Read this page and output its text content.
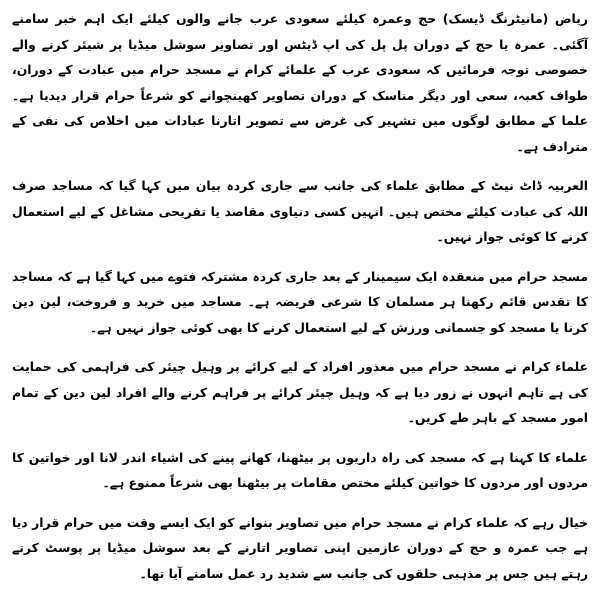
ریاض (مانیٹرنگ ڈیسک) حج وعمرہ کیلئے سعودی عرب جانے والوں کیلئے ایک اہم خبر سامنے آگئی۔ عمرہ یا حج کے دوران پل پل کی اپ ڈیٹس اور تصاویر سوشل میڈیا پر شیئر کرنے والے خصوصی توجہ فرمائیں کہ سعودی عرب کے علمائے کرام نے مسجد حرام میں عبادت کے دوران، طواف کعبہ، سعی اور دیگر مناسک کے دوران تصاویر کھینچوانے کو شرعاً حرام قرار دیدیا ہے۔ علما کے مطابق لوگوں میں تشہیر کی غرض سے تصویر اتارنا عبادات میں اخلاص کی نفی کے مترادف ہے۔

العربیہ ڈاٹ نیٹ کے مطابق علماء کی جانب سے جاری کردہ بیان میں کہا گیا کہ مساجد صرف اللہ کی عبادت کیلئے مختص ہیں۔ انہیں کسی دنیاوی مقاصد یا تفریحی مشاغل کے لیے استعمال کرنے کا کوئی جواز نہیں۔

مسجد حرام میں منعقدہ ایک سیمینار کے بعد جاری کردہ مشترکہ فتوے میں کہا گیا ہے کہ مساجد کا تقدس قائم رکھنا ہر مسلمان کا شرعی فریضہ ہے۔ مساجد میں خرید و فروخت، لین دین کرنا یا مسجد کو جسمانی ورزش کے لیے استعمال کرنے کا بھی کوئی جواز نہیں ہے۔

علماء کرام نے مسجد حرام میں معذور افراد کے لیے کرائے پر وہیل چیئر کی فراہمی کی حمایت کی ہے تاہم انہوں نے زور دیا ہے کہ وہیل چیئر کرائے پر فراہم کرنے والے افراد لین دین کے تمام امور مسجد کے باہر طے کریں۔

علماء کا کہنا ہے کہ مسجد کی راہ داریوں پر بیٹھنا، کھانے پینے کی اشیاء اندر لانا اور خواتین کا مردوں اور مردوں کا خواتین کیلئے مختص مقامات پر بیٹھنا بھی شرعاً ممنوع ہے۔

خیال رہے کہ علماء کرام نے مسجد حرام میں تصاویر بنوانے کو ایک ایسے وقت میں حرام قرار دیا ہے جب عمرہ و حج کے دوران عازمین اپنی تصاویر اتارنے کے بعد سوشل میڈیا پر پوسٹ کرتے رہتے ہیں جس پر مذہبی حلقوں کی جانب سے شدید رد عمل سامنے آیا تھا۔
